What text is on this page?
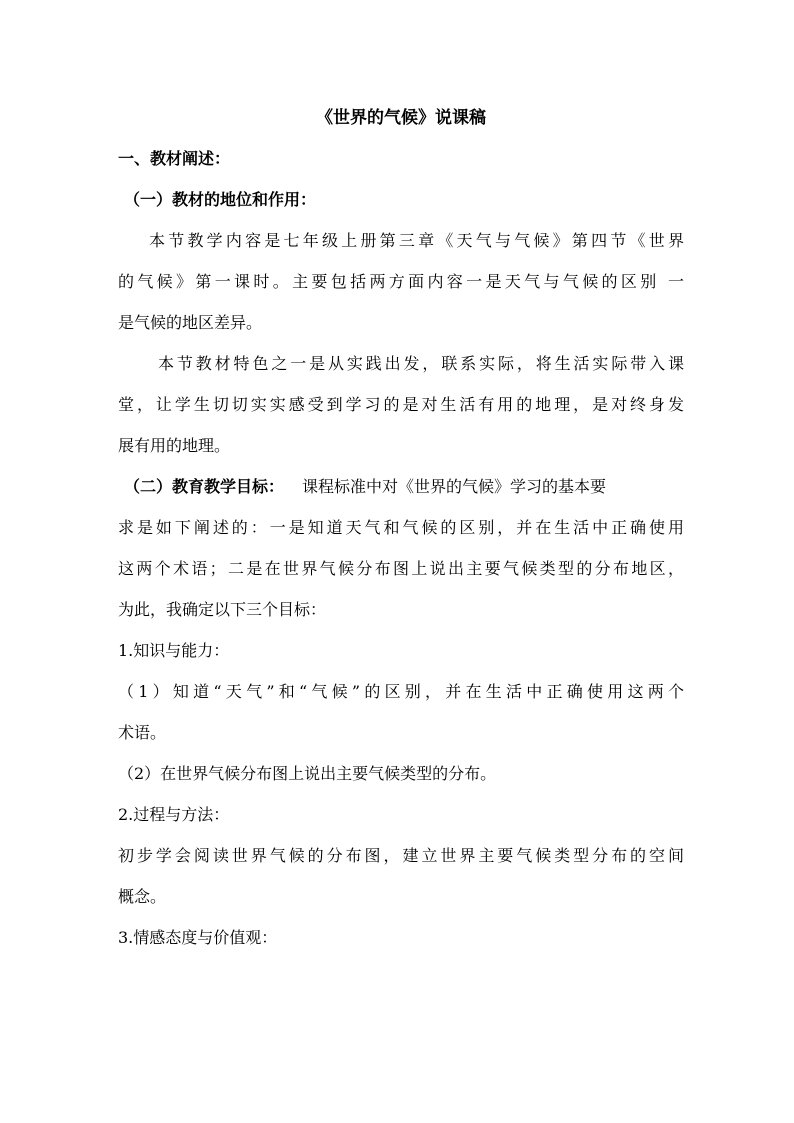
《世界的气候》说课稿
一、教材阐述：
（一）教材的地位和作用：
本节教学内容是七年级上册第三章《天气与气候》第四节《世界
的气候》第一课时。主要包括两方面内容一是天气与气候的区别 一
是气候的地区差异。
本节教材特色之一是从实践出发，联系实际，将生活实际带入课
堂，让学生切切实实感受到学习的是对生活有用的地理，是对终身发
展有用的地理。
（二）教育教学目标： 课程标准中对《世界的气候》学习的基本要
求是如下阐述的：一是知道天气和气候的区别，并在生活中正确使用
这两个术语；二是在世界气候分布图上说出主要气候类型的分布地区，
为此，我确定以下三个目标：
1.知识与能力：
（1）知道“天气”和“气候”的区别，并在生活中正确使用这两个
术语。
（2）在世界气候分布图上说出主要气候类型的分布。
2.过程与方法：
初步学会阅读世界气候的分布图，建立世界主要气候类型分布的空间
概念。
3.情感态度与价值观：
